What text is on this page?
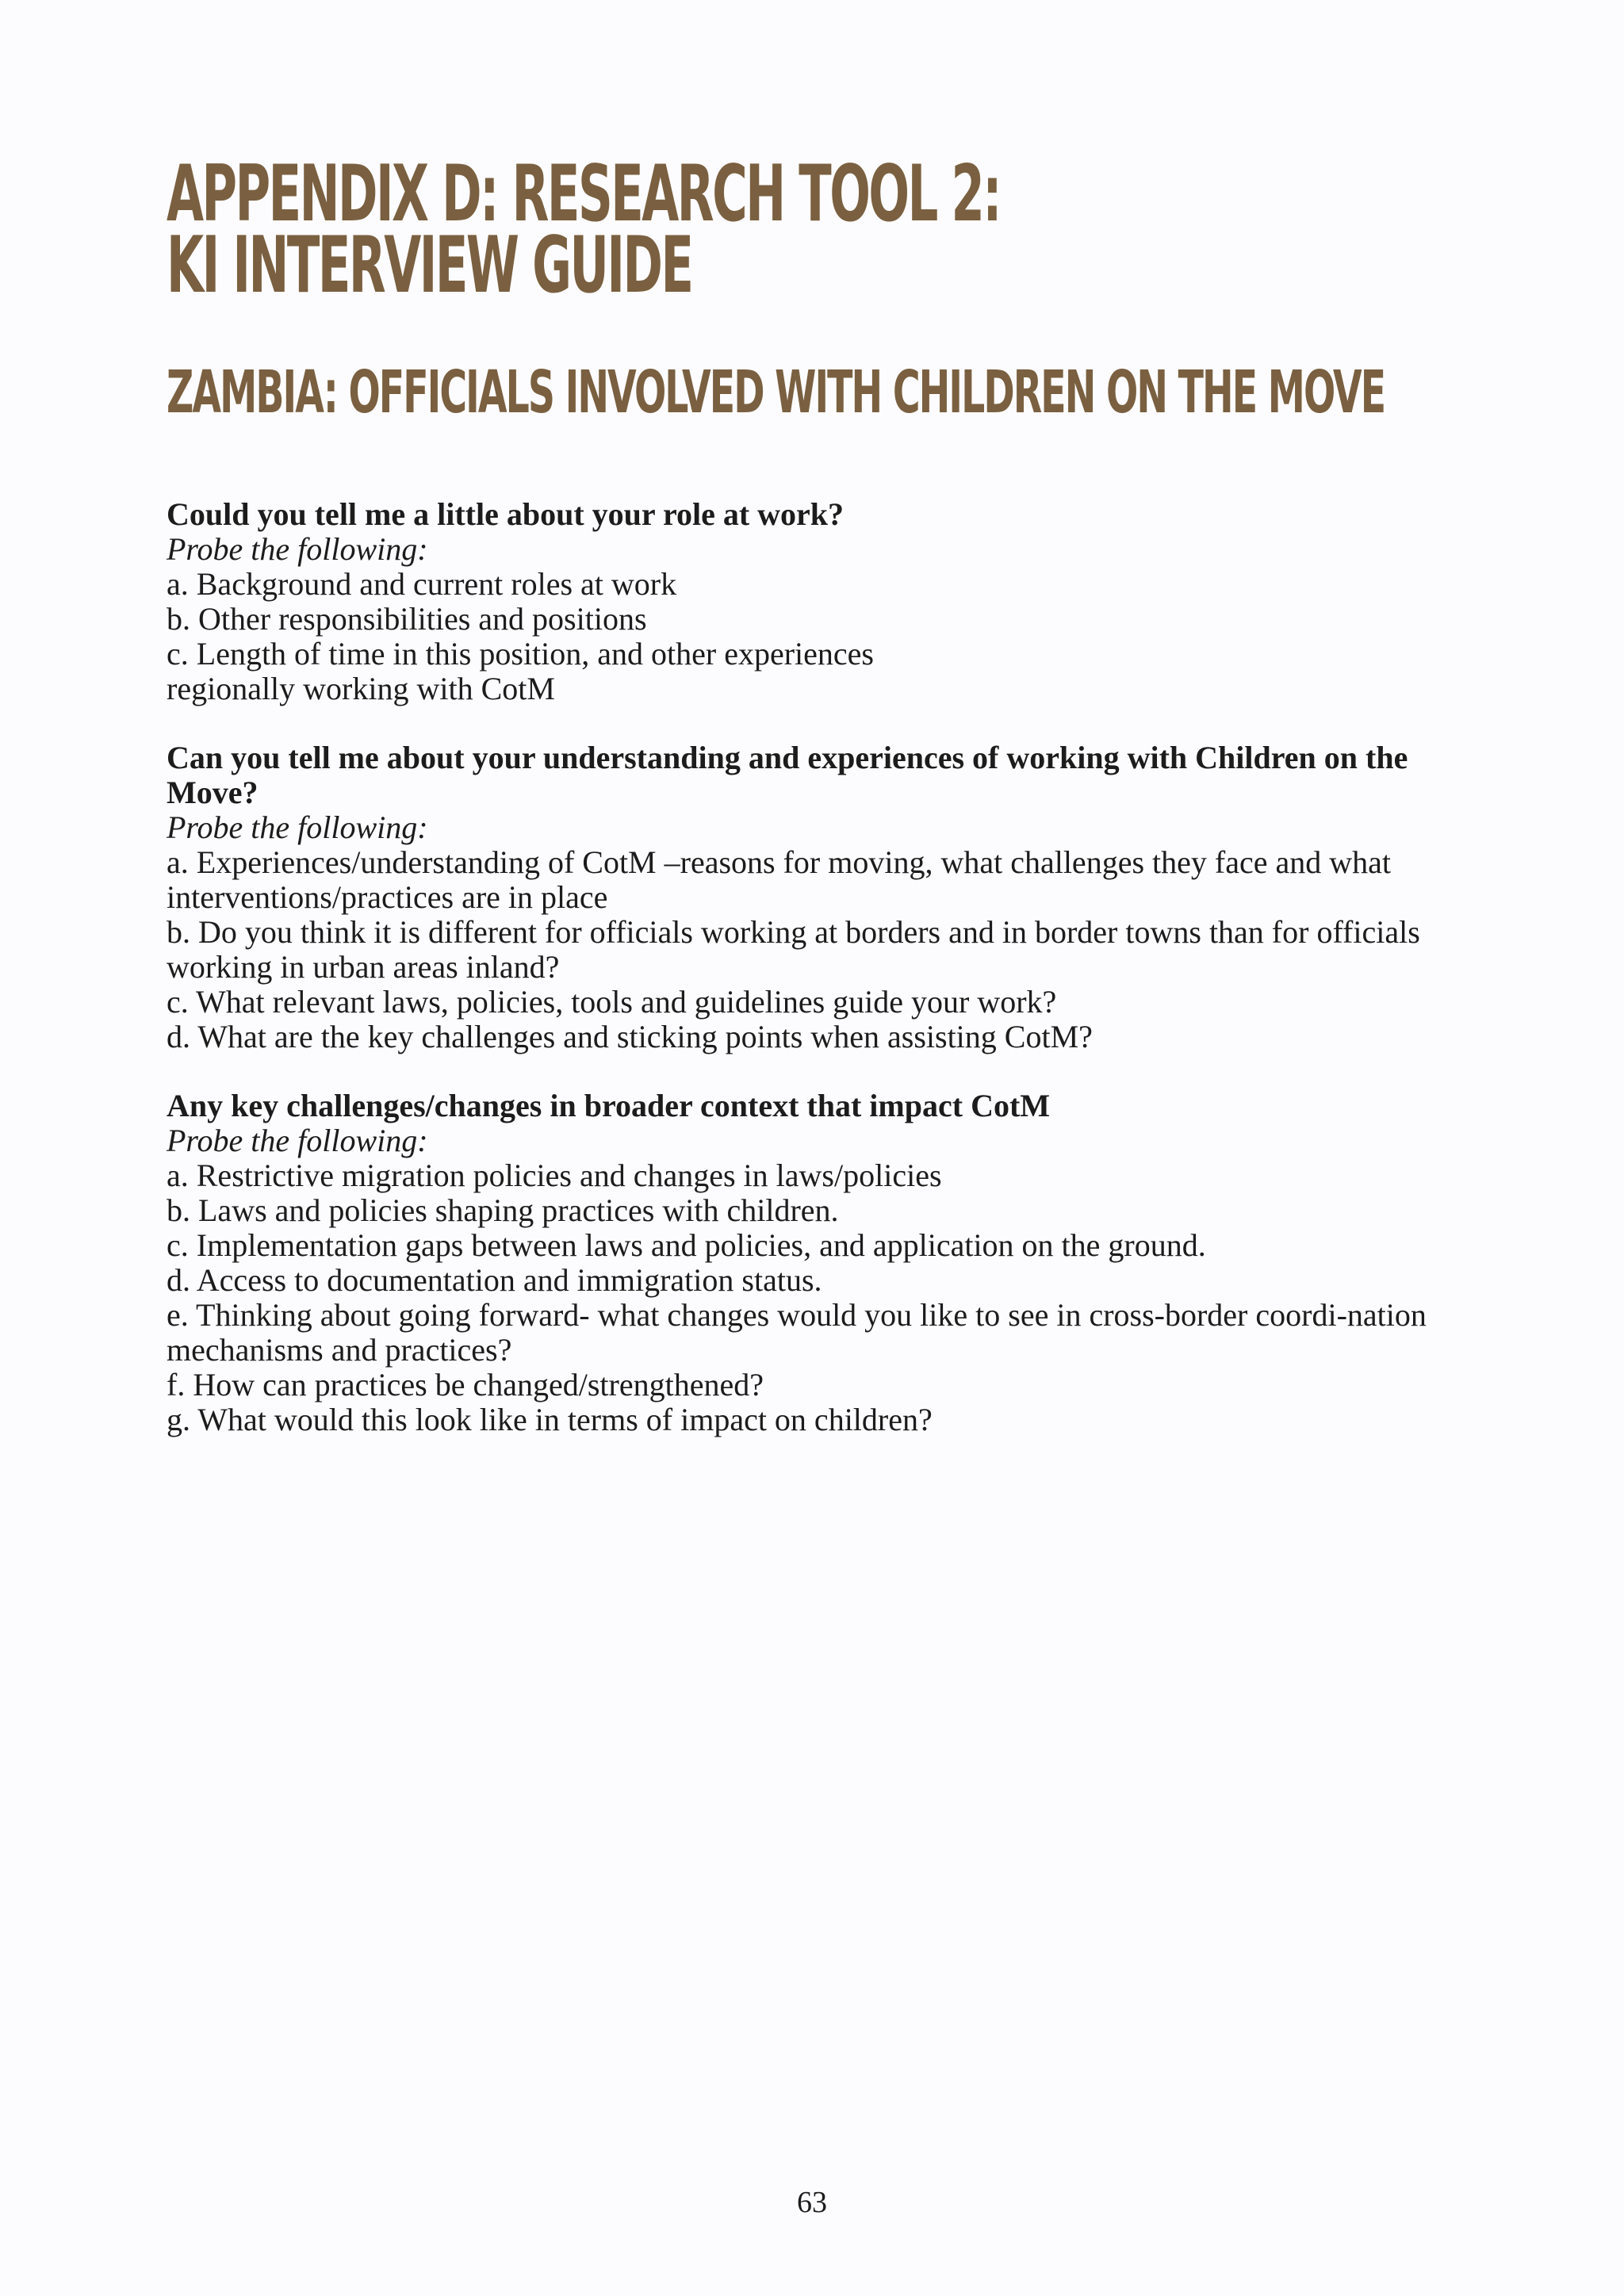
APPENDIX D: RESEARCH TOOL 2:
KI INTERVIEW GUIDE
ZAMBIA: OFFICIALS INVOLVED WITH CHILDREN ON THE MOVE
Could you tell me a little about your role at work?
Probe the following:
a. Background and current roles at work
b. Other responsibilities and positions
c. Length of time in this position, and other experiences
regionally working with CotM
Can you tell me about your understanding and experiences of working with Children on the Move?
Probe the following:
a. Experiences/understanding of CotM –reasons for moving, what challenges they face and what interventions/practices are in place
b. Do you think it is different for officials working at borders and in border towns than for officials working in urban areas inland?
c. What relevant laws, policies, tools and guidelines guide your work?
d. What are the key challenges and sticking points when assisting CotM?
Any key challenges/changes in broader context that impact CotM
Probe the following:
a. Restrictive migration policies and changes in laws/policies
b. Laws and policies shaping practices with children.
c. Implementation gaps between laws and policies, and application on the ground.
d. Access to documentation and immigration status.
e. Thinking about going forward- what changes would you like to see in cross-border coordi-nation mechanisms and practices?
f. How can practices be changed/strengthened?
g. What would this look like in terms of impact on children?
63
